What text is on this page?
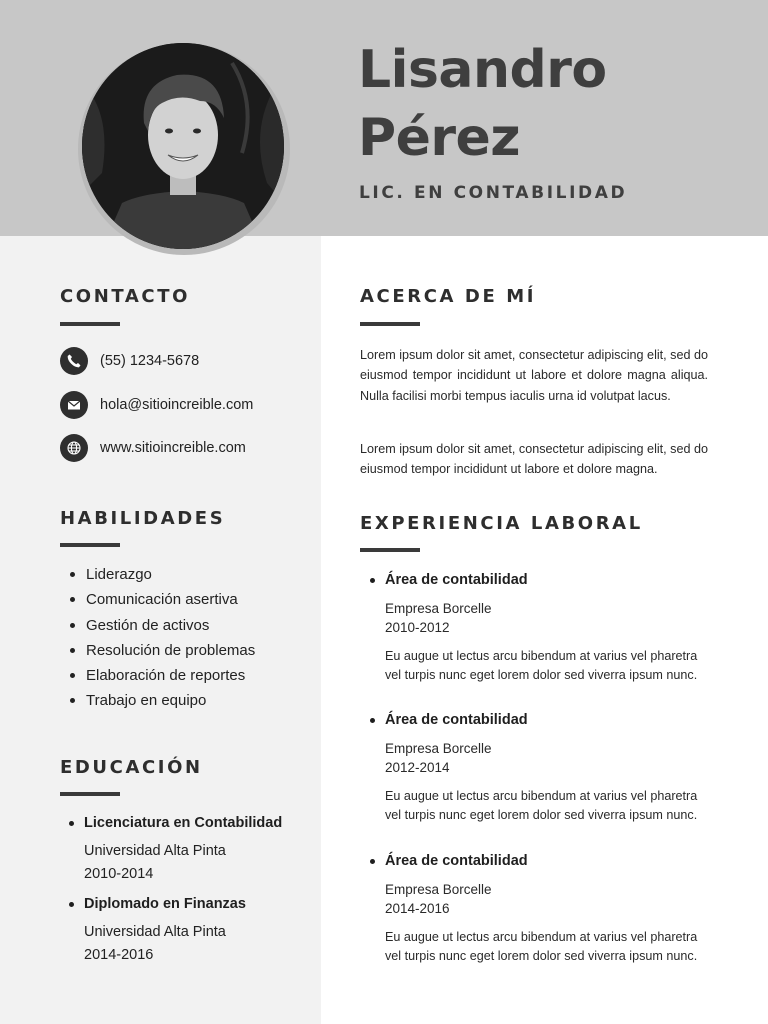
Lisandro
Pérez
LIC. EN CONTABILIDAD
CONTACTO
(55) 1234-5678
hola@sitioincreible.com
www.sitioincreible.com
HABILIDADES
Liderazgo
Comunicación asertiva
Gestión de activos
Resolución de problemas
Elaboración de reportes
Trabajo en equipo
EDUCACIÓN
Licenciatura en Contabilidad
Universidad Alta Pinta
2010-2014
Diplomado en Finanzas
Universidad Alta Pinta
2014-2016
ACERCA DE MÍ

Lorem ipsum dolor sit amet, consectetur adipiscing elit, sed do eiusmod tempor incididunt ut labore et dolore magna aliqua. Nulla facilisi morbi tempus iaculis urna id volutpat lacus.

Lorem ipsum dolor sit amet, consectetur adipiscing elit, sed do eiusmod tempor incididunt ut labore et dolore magna.

EXPERIENCIA LABORAL
Área de contabilidad
Empresa Borcelle
2010-2012
Eu augue ut lectus arcu bibendum at varius vel pharetra vel turpis nunc eget lorem dolor sed viverra ipsum nunc.
Área de contabilidad
Empresa Borcelle
2012-2014
Eu augue ut lectus arcu bibendum at varius vel pharetra vel turpis nunc eget lorem dolor sed viverra ipsum nunc.
Área de contabilidad
Empresa Borcelle
2014-2016
Eu augue ut lectus arcu bibendum at varius vel pharetra vel turpis nunc eget lorem dolor sed viverra ipsum nunc.
